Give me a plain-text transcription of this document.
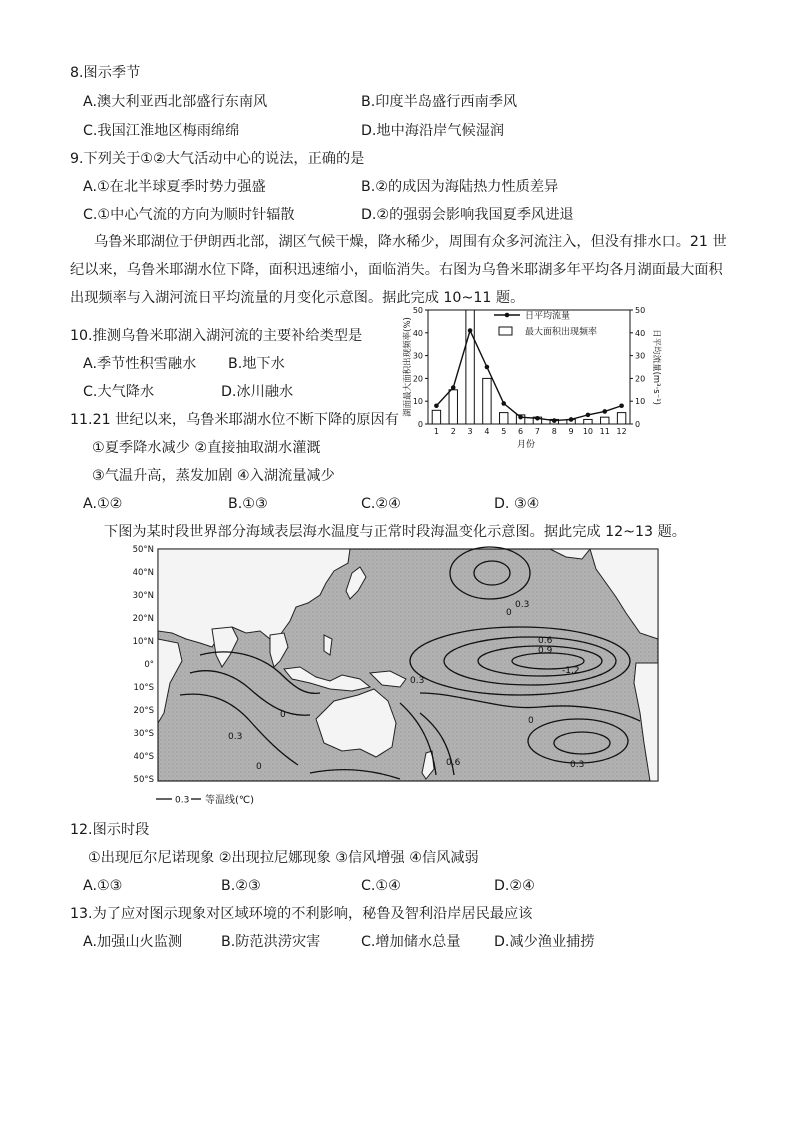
8.图示季节
A.澳大利亚西北部盛行东南风	B.印度半岛盛行西南季风
C.我国江淮地区梅雨绵绵	D.地中海沿岸气候湿润
9.下列关于①②大气活动中心的说法，正确的是
A.①在北半球夏季时势力强盛	B.②的成因为海陆热力性质差异
C.①中心气流的方向为顺时针辐散	D.②的强弱会影响我国夏季风进退
乌鲁米耶湖位于伊朗西北部，湖区气候干燥，降水稀少，周围有众多河流注入，但没有排水口。21 世
纪以来，乌鲁米耶湖水位下降，面积迅速缩小，面临消失。右图为乌鲁米耶湖多年平均各月湖面最大面积
出现频率与入湖河流日平均流量的月变化示意图。据此完成 10~11 题。
10.推测乌鲁米耶湖入湖河流的主要补给类型是
A.季节性积雪融水 B.地下水
C.大气降水	D.冰川融水
11.21 世纪以来，乌鲁米耶湖水位不断下降的原因有
①夏季降水减少 ②直接抽取湖水灌溉
③气温升高，蒸发加剧 ④入湖流量减少
A.①②	B.①③	C.②④	D. ③④
0
10
20
30
40
50
0
10
20
30
40
50
1 2 3 4 5 6 7 8 9 10 11 12
日平均流量
最大面积出现频率
月份
湖面最大面积出现频率(%)	日平均流量(m³·s⁻¹)
下图为某时段世界部分海域表层海水温度与正常时段海温变化示意图。据此完成 12~13 题。
0.3
0
0
0.3
0
0.6	0.3
0.6
0.9
-1.2
0
0.3
50°N
40°N
30°N
20°N
10°N
0°
10°S
20°S
30°S
40°S
50°S
0.3 等温线(℃)
12.图示时段
①出现厄尔尼诺现象 ②出现拉尼娜现象 ③信风增强 ④信风减弱
A.①③	B.②③	C.①④	D.②④
13.为了应对图示现象对区域环境的不利影响，秘鲁及智利沿岸居民最应该
A.加强山火监测	B.防范洪涝灾害	C.增加储水总量 D.减少渔业捕捞
